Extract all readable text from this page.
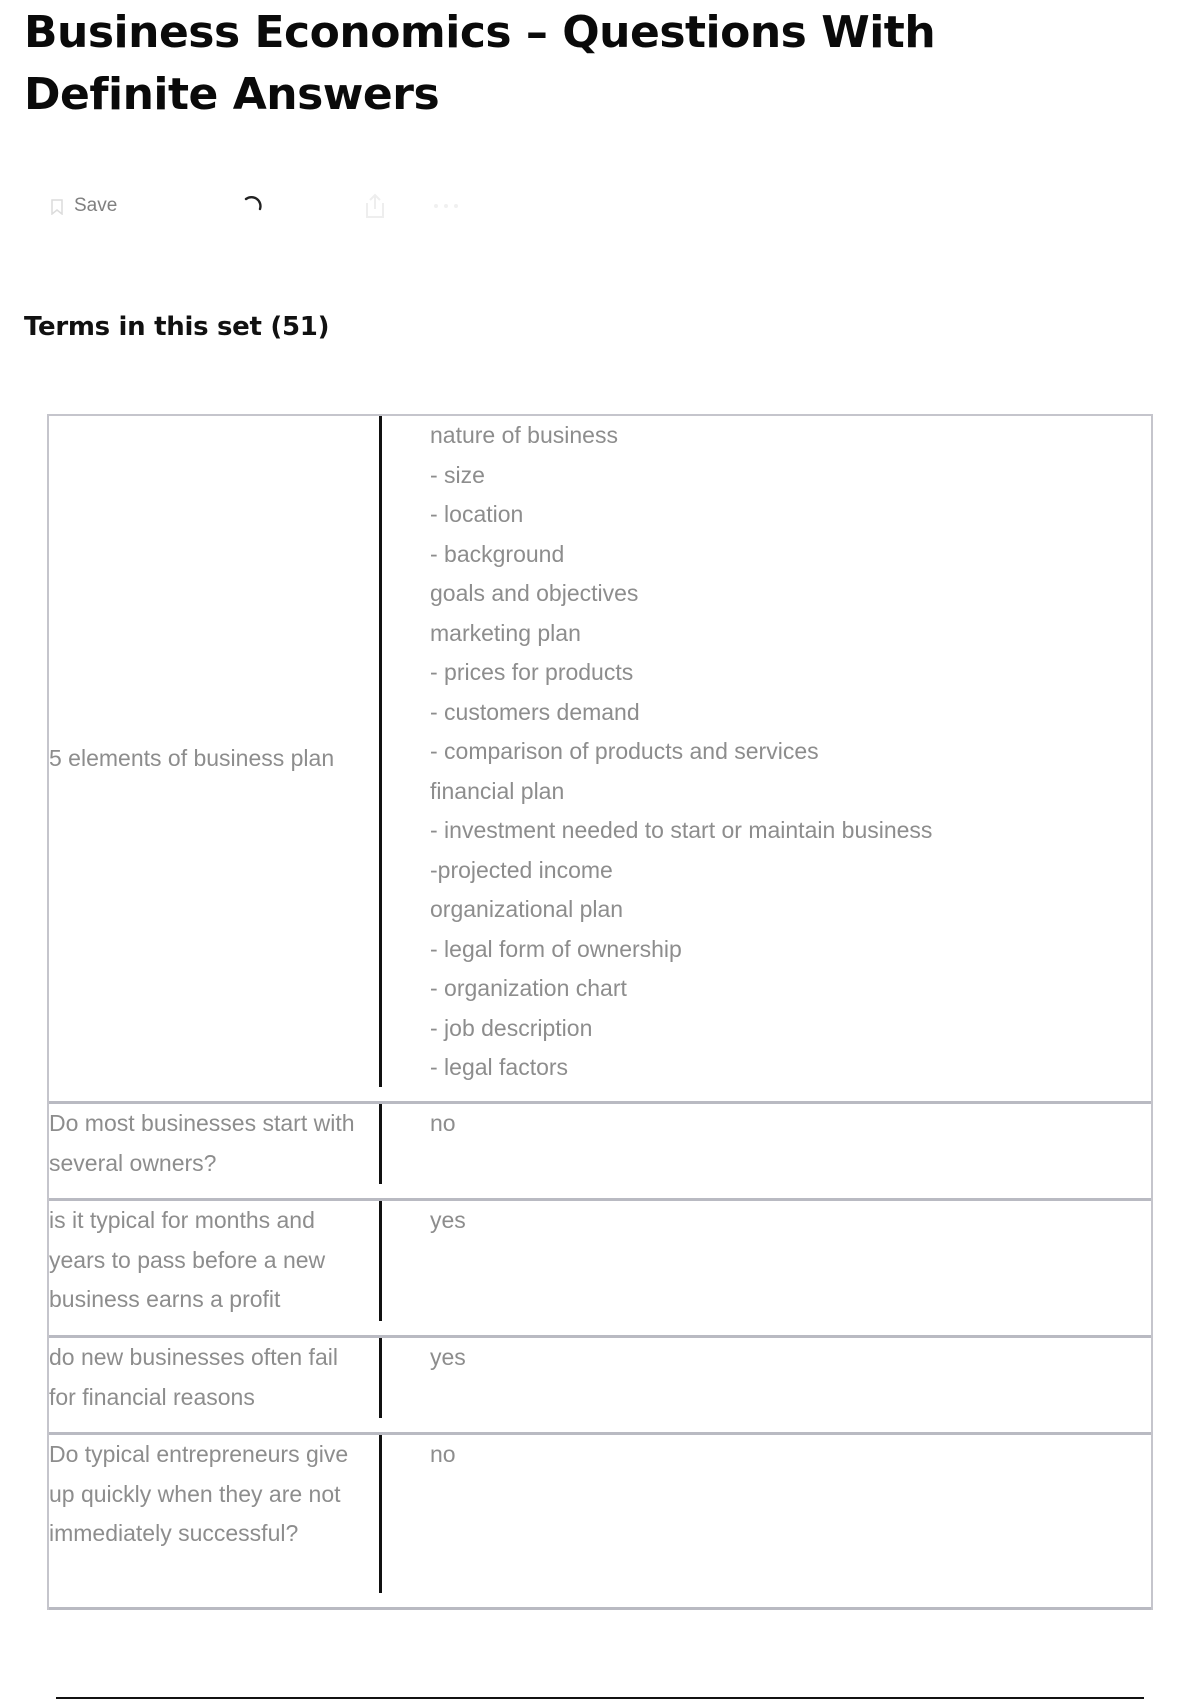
Business Economics – Questions With Definite Answers
Save
Terms in this set (51)
5 elements of business plan
nature of business
- size
- location
- background
goals and objectives
marketing plan
- prices for products
- customers demand
- comparison of products and services
financial plan
- investment needed to start or maintain business
-projected income
organizational plan
- legal form of ownership
- organization chart
- job description
- legal factors
Do most businesses start with several owners?
no
is it typical for months and years to pass before a new business earns a profit
yes
do new businesses often fail for financial reasons
yes
Do typical entrepreneurs give up quickly when they are not immediately successful?
no
